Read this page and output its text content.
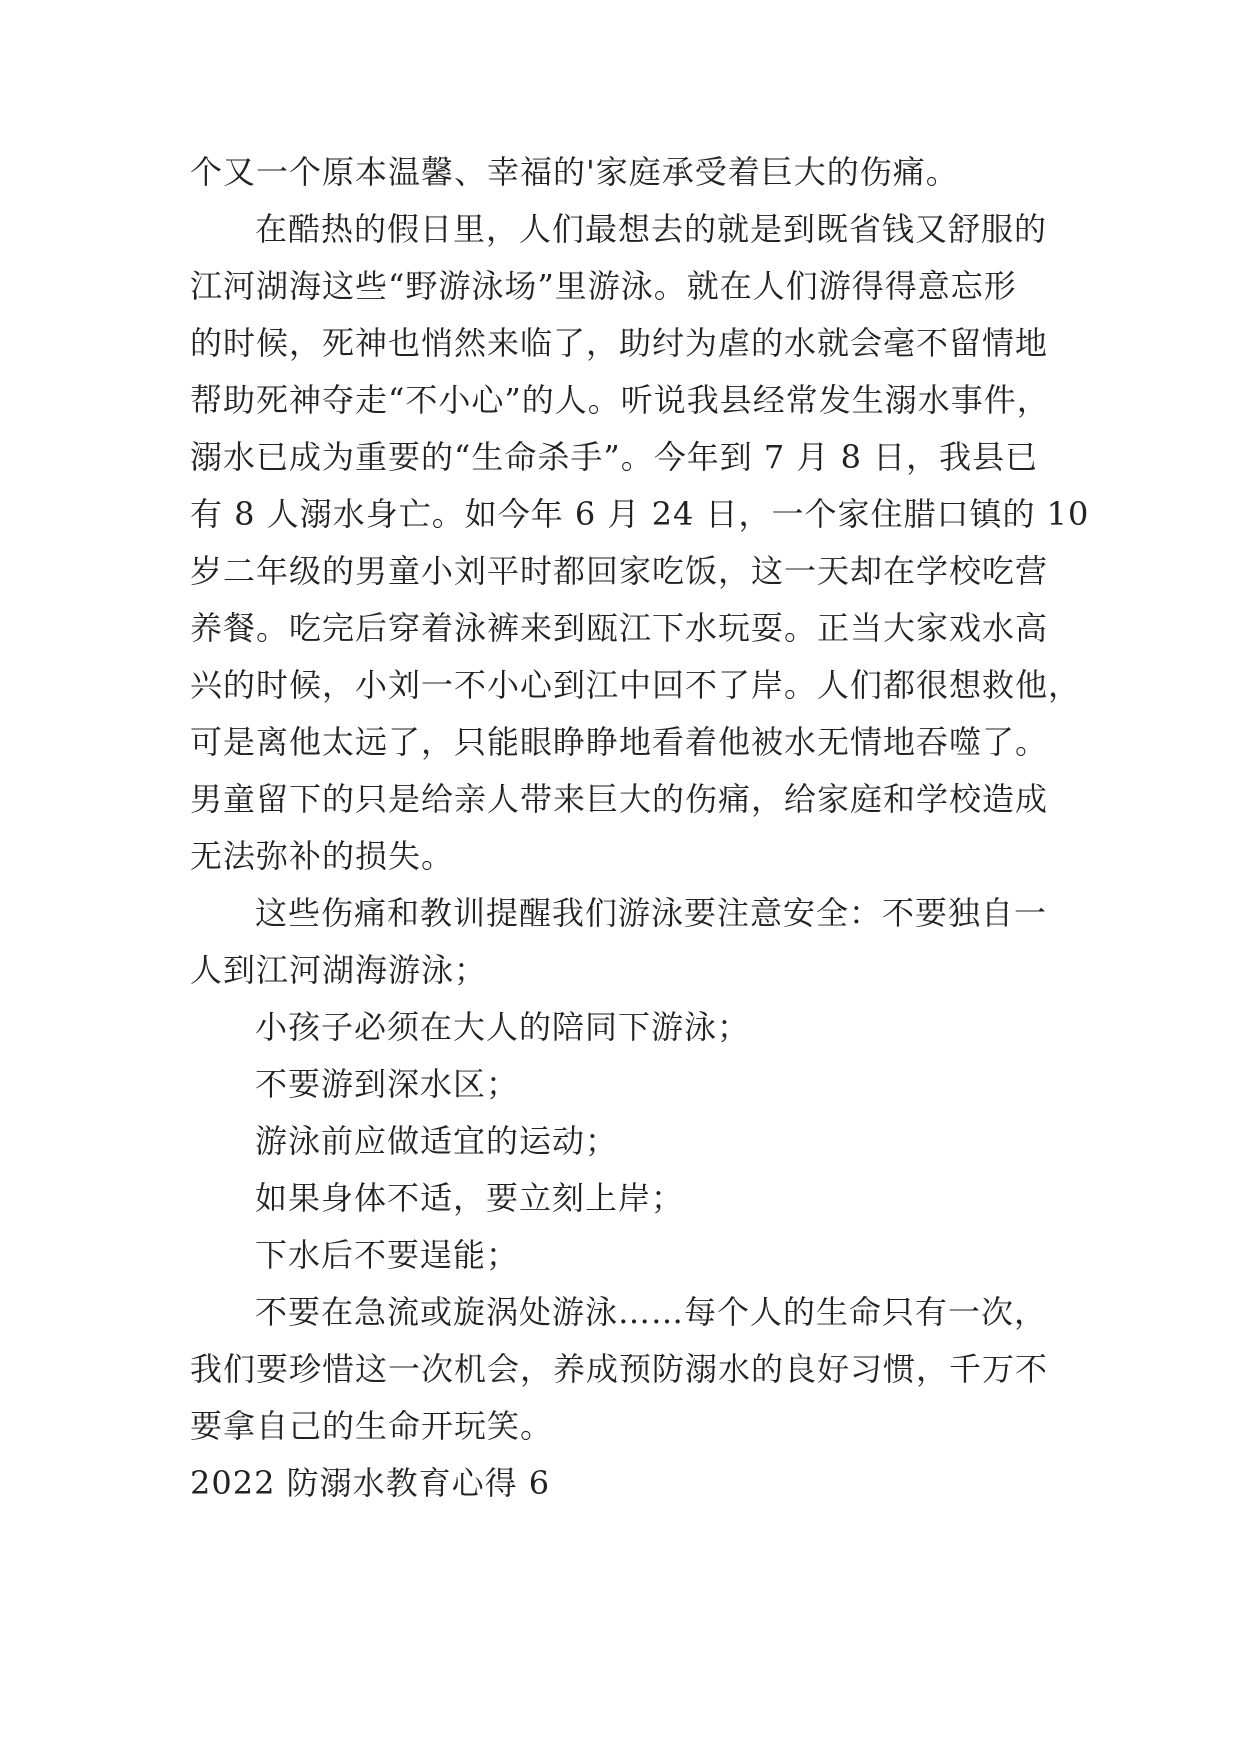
个又一个原本温馨、幸福的'家庭承受着巨大的伤痛。
在酷热的假日里，人们最想去的就是到既省钱又舒服的
江河湖海这些“野游泳场”里游泳。就在人们游得得意忘形
的时候，死神也悄然来临了，助纣为虐的水就会毫不留情地
帮助死神夺走“不小心”的人。听说我县经常发生溺水事件，
溺水已成为重要的“生命杀手”。今年到 7 月 8 日，我县已
有 8 人溺水身亡。如今年 6 月 24 日，一个家住腊口镇的 10
岁二年级的男童小刘平时都回家吃饭，这一天却在学校吃营
养餐。吃完后穿着泳裤来到瓯江下水玩耍。正当大家戏水高
兴的时候，小刘一不小心到江中回不了岸。人们都很想救他，
可是离他太远了，只能眼睁睁地看着他被水无情地吞噬了。
男童留下的只是给亲人带来巨大的伤痛，给家庭和学校造成
无法弥补的损失。
这些伤痛和教训提醒我们游泳要注意安全：不要独自一
人到江河湖海游泳；
小孩子必须在大人的陪同下游泳；
不要游到深水区；
游泳前应做适宜的运动；
如果身体不适，要立刻上岸；
下水后不要逞能；
不要在急流或旋涡处游泳……每个人的生命只有一次，
我们要珍惜这一次机会，养成预防溺水的良好习惯，千万不
要拿自己的生命开玩笑。
2022 防溺水教育心得 6
